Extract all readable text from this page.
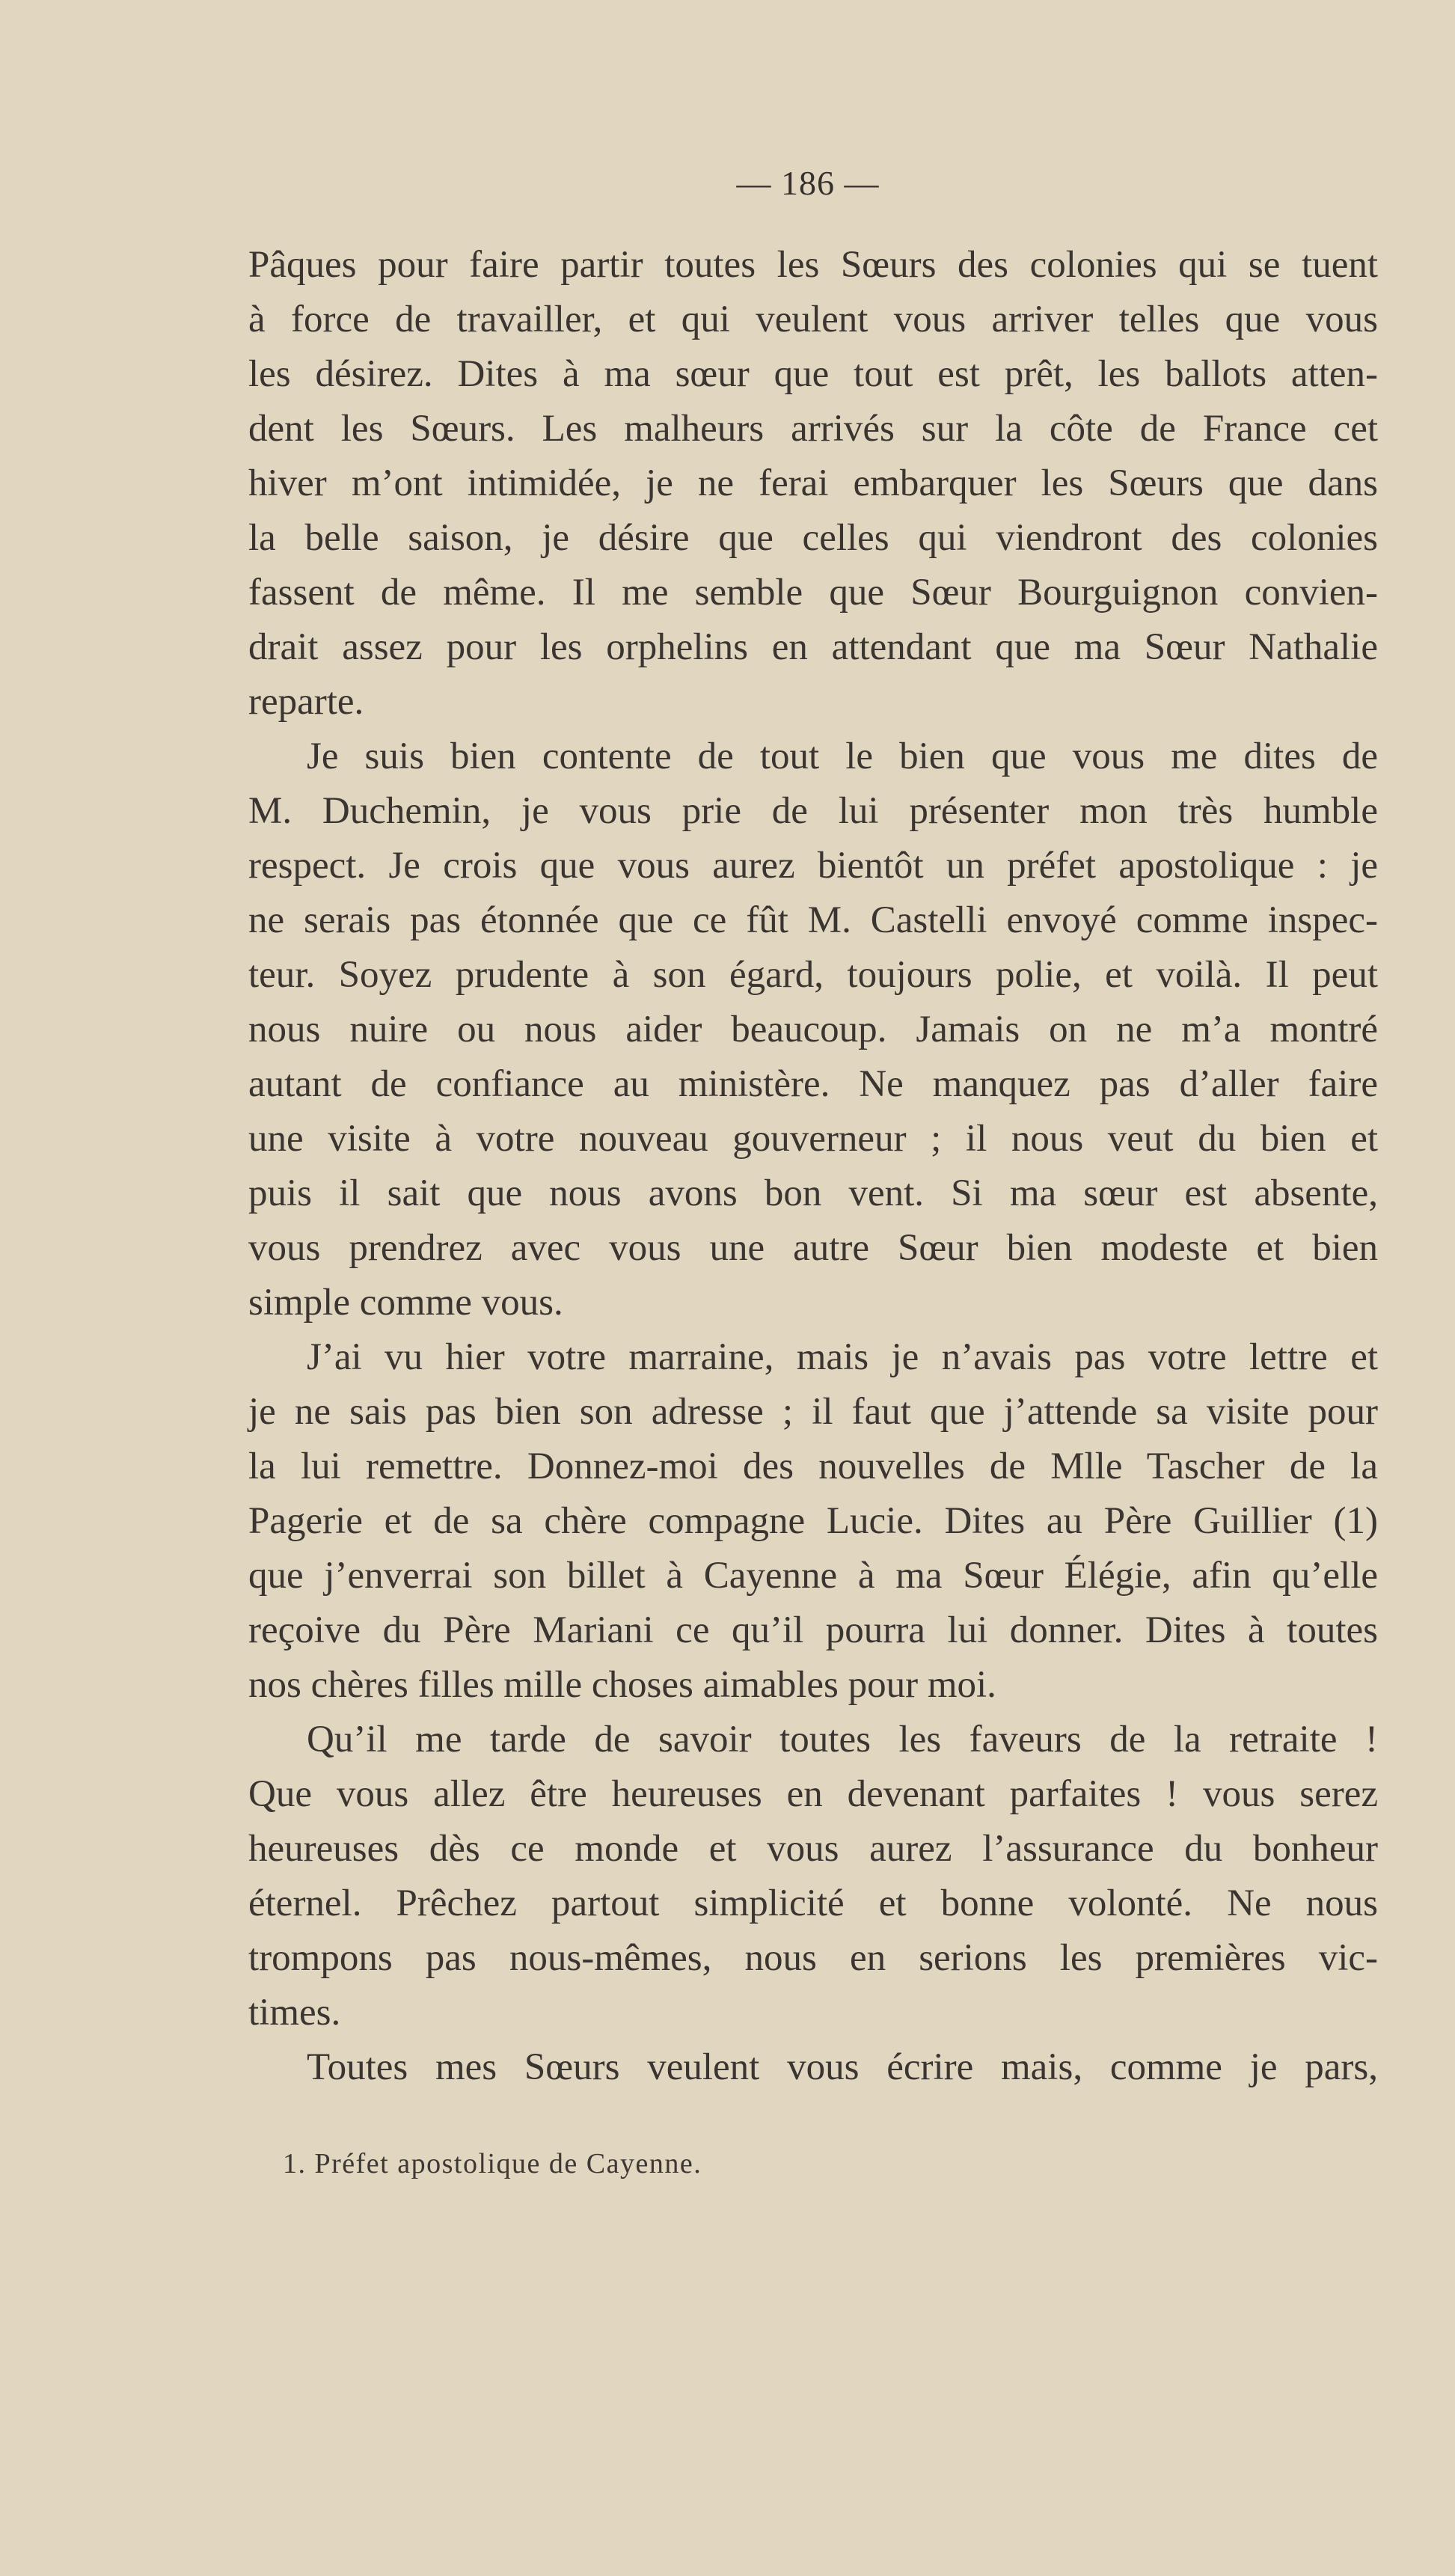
— 186 —
Pâques pour faire partir toutes les Sœurs des colonies qui se tuent
à force de travailler, et qui veulent vous arriver telles que vous
les désirez. Dites à ma sœur que tout est prêt, les ballots atten-
dent les Sœurs. Les malheurs arrivés sur la côte de France cet
hiver m’ont intimidée, je ne ferai embarquer les Sœurs que dans
la belle saison, je désire que celles qui viendront des colonies
fassent de même. Il me semble que Sœur Bourguignon convien-
drait assez pour les orphelins en attendant que ma Sœur Nathalie
reparte.
Je suis bien contente de tout le bien que vous me dites de
M. Duchemin, je vous prie de lui présenter mon très humble
respect. Je crois que vous aurez bientôt un préfet apostolique : je
ne serais pas étonnée que ce fût M. Castelli envoyé comme inspec-
teur. Soyez prudente à son égard, toujours polie, et voilà. Il peut
nous nuire ou nous aider beaucoup. Jamais on ne m’a montré
autant de confiance au ministère. Ne manquez pas d’aller faire
une visite à votre nouveau gouverneur ; il nous veut du bien et
puis il sait que nous avons bon vent. Si ma sœur est absente,
vous prendrez avec vous une autre Sœur bien modeste et bien
simple comme vous.
J’ai vu hier votre marraine, mais je n’avais pas votre lettre et
je ne sais pas bien son adresse ; il faut que j’attende sa visite pour
la lui remettre. Donnez-moi des nouvelles de Mlle Tascher de la
Pagerie et de sa chère compagne Lucie. Dites au Père Guillier (1)
que j’enverrai son billet à Cayenne à ma Sœur Élégie, afin qu’elle
reçoive du Père Mariani ce qu’il pourra lui donner. Dites à toutes
nos chères filles mille choses aimables pour moi.
Qu’il me tarde de savoir toutes les faveurs de la retraite !
Que vous allez être heureuses en devenant parfaites ! vous serez
heureuses dès ce monde et vous aurez l’assurance du bonheur
éternel. Prêchez partout simplicité et bonne volonté. Ne nous
trompons pas nous-mêmes, nous en serions les premières vic-
times.
Toutes mes Sœurs veulent vous écrire mais, comme je pars,
1. Préfet apostolique de Cayenne.
